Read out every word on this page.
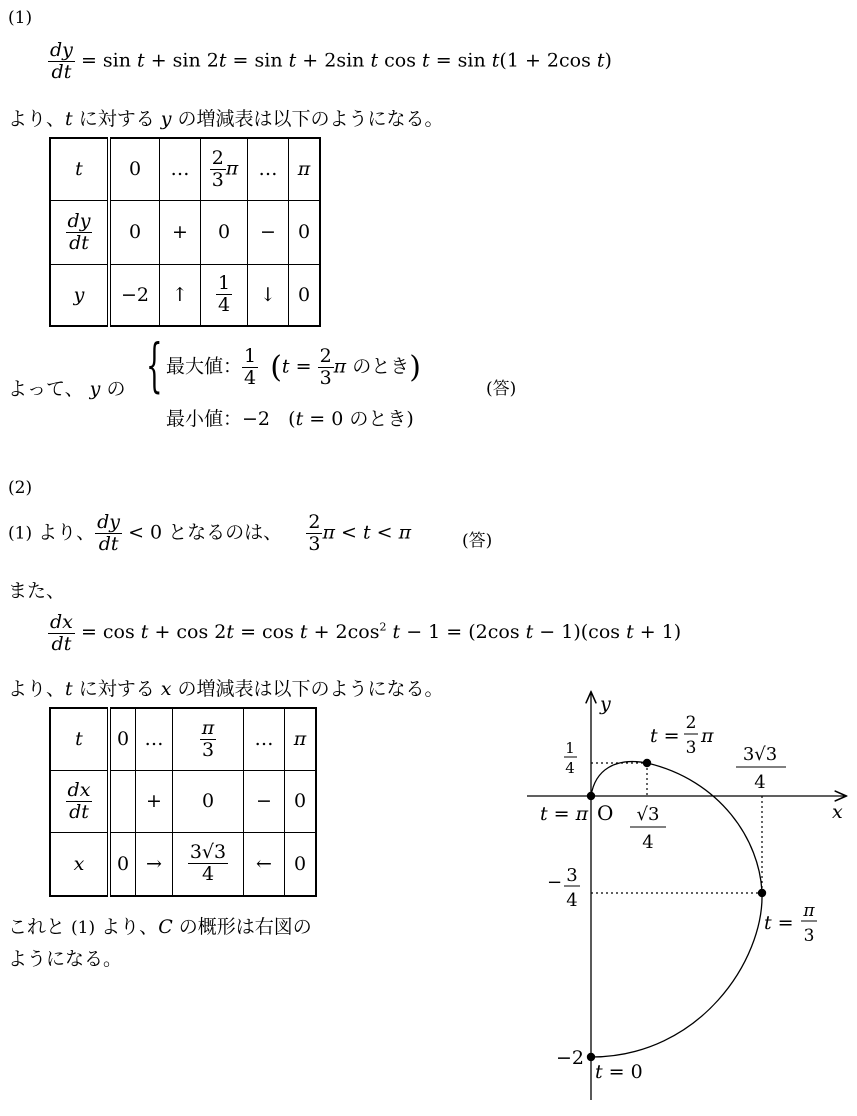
(1)
$\frac{dy}{dt} = \sin t + \sin 2t = \sin t + 2\sin$ t cos t = sin t(1 + 2cos t)
より、t に対する y の増減表は以下のようになる。
t	0	…	$\frac{2}{3}$ π	…	π

$\frac{dy}{dt}$	0	+	0	−	0
y	−2	↑	$\frac{1}{4}$	↓	0
よって、 y の { 最大値： $\frac{1}{4} (t = \frac{2}{3}$ π のとき)
最小値：−2   (t = 0 のとき)
(答)
(2)
(1) より、 $\frac{dy}{dt} < 0$ となるのは、 $\frac{2}{3}$ π < t < π	(答)
また、
$\frac{dx}{dt} = \cos t + \cos 2t = \cos t + 2\cos^2$ t − 1 = (2cos t − 1)(cos t + 1)
より、t に対する x の増減表は以下のようになる。
t	0	…	$\frac{\pi}{3}$	…	π

$\frac{dx}{dt}$		+	0	−	0
x	0	→	$\frac{3√3}{4}$	←	0
これと (1) より、C の概形は右図の
ようになる。
y
x
O
1
4
− 3
4
−2
√3
4
3√3
4
t = π
t =
2
3
π
t =
π
3
t = 0
